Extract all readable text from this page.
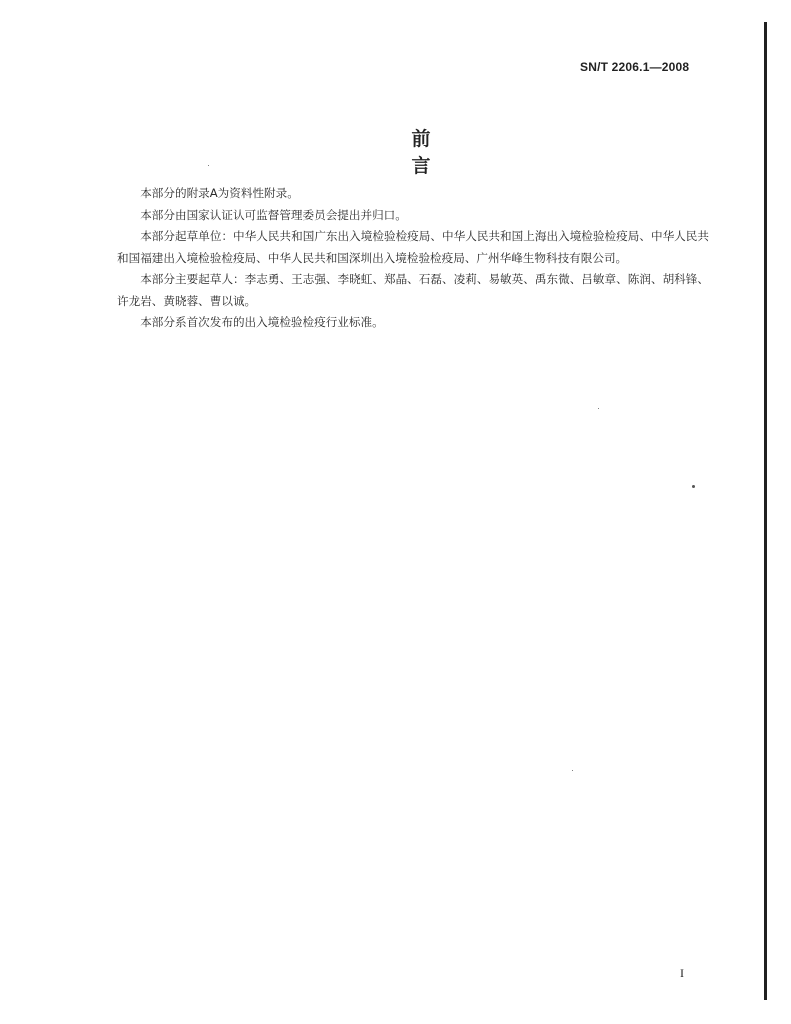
SN/T 2206.1—2008
前　言

本部分的附录A为资料性附录。

本部分由国家认证认可监督管理委员会提出并归口。

本部分起草单位：中华人民共和国广东出入境检验检疫局、中华人民共和国上海出入境检验检疫局、中华人民共和国福建出入境检验检疫局、中华人民共和国深圳出入境检验检疫局、广州华峰生物科技有限公司。

本部分主要起草人：李志勇、王志强、李晓虹、郑晶、石磊、凌莉、易敏英、禹东微、吕敏章、陈润、胡科锋、许龙岩、黄晓蓉、曹以诚。

本部分系首次发布的出入境检验检疫行业标准。

I
